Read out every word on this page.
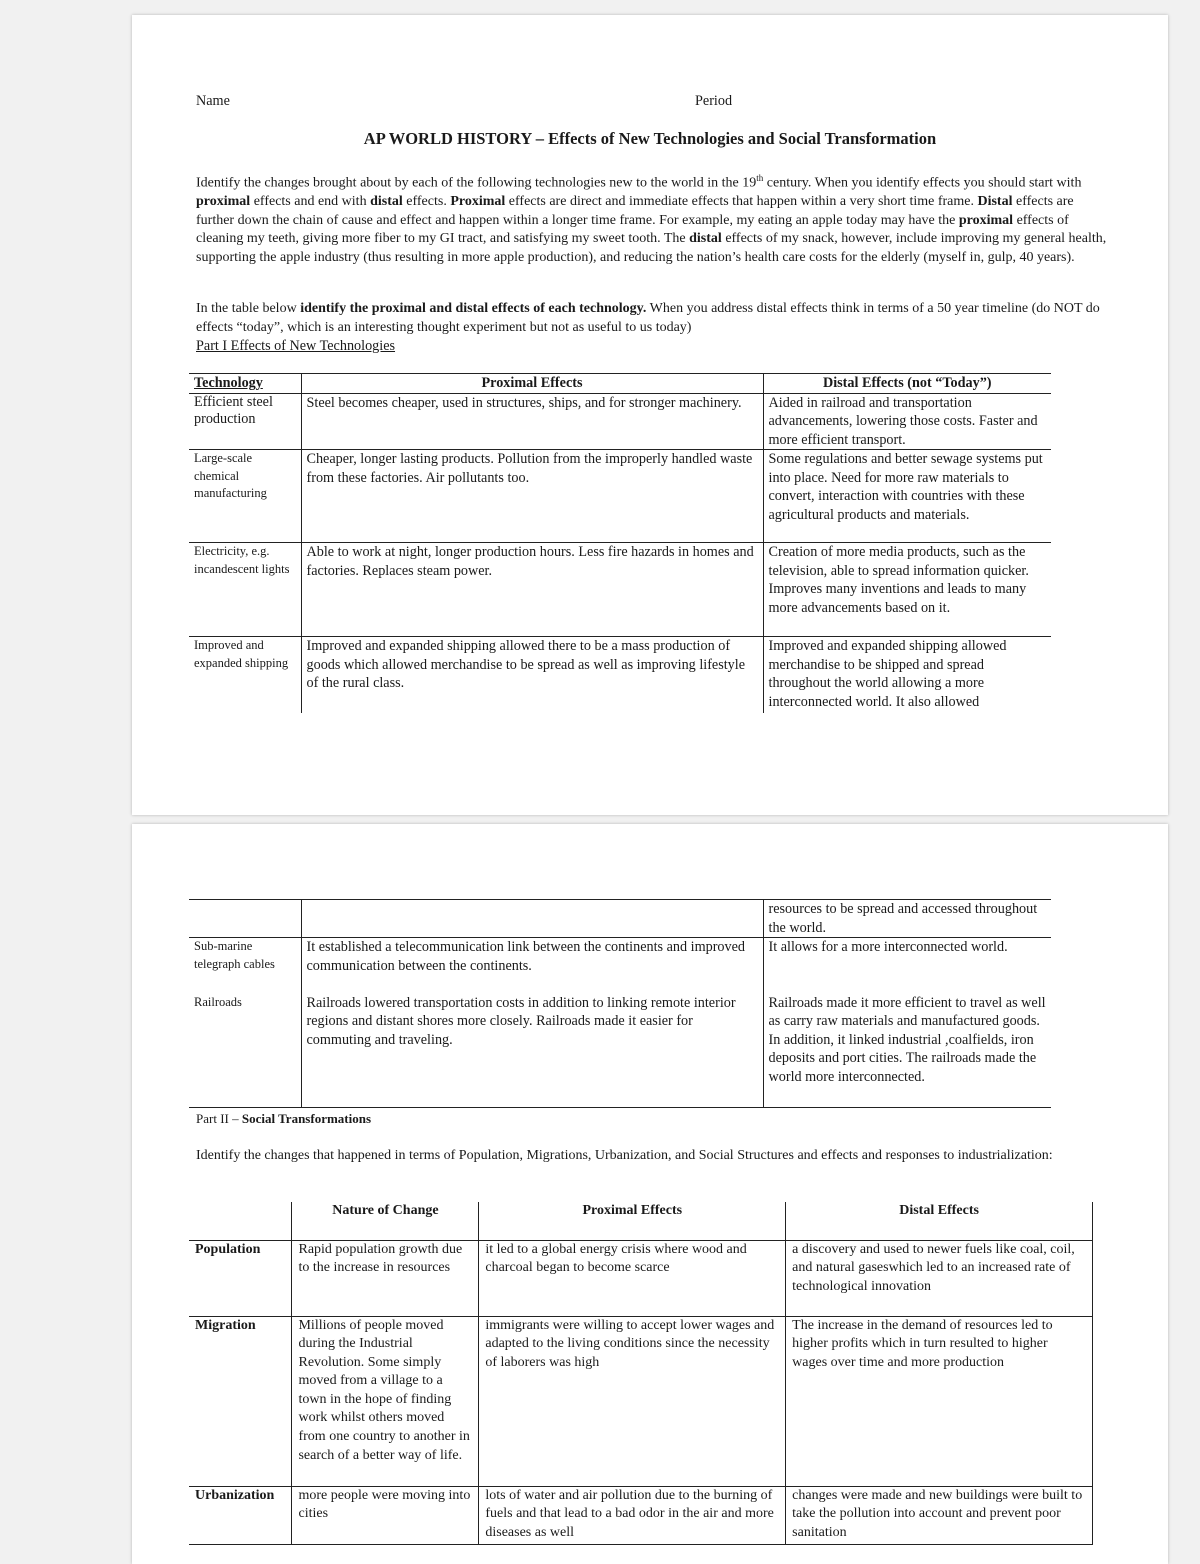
Name	Period
AP WORLD HISTORY – Effects of New Technologies and Social Transformation
Identify the changes brought about by each of the following technologies new to the world in the 19th century. When you identify effects you should start with proximal effects and end with distal effects. Proximal effects are direct and immediate effects that happen within a very short time frame. Distal effects are further down the chain of cause and effect and happen within a longer time frame. For example, my eating an apple today may have the proximal effects of cleaning my teeth, giving more fiber to my GI tract, and satisfying my sweet tooth. The distal effects of my snack, however, include improving my general health, supporting the apple industry (thus resulting in more apple production), and reducing the nation’s health care costs for the elderly (myself in, gulp, 40 years).
In the table below identify the proximal and distal effects of each technology. When you address distal effects think in terms of a 50 year timeline (do NOT do effects “today”, which is an interesting thought experiment but not as useful to us today)
Part I Effects of New Technologies
Technology	Proximal Effects	Distal Effects (not “Today”)
Efficient steel production	Steel becomes cheaper, used in structures, ships, and for stronger machinery.	Aided in railroad and transportation advancements, lowering those costs. Faster and more efficient transport.
Large-scale chemical manufacturing	Cheaper, longer lasting products. Pollution from the improperly handled waste from these factories. Air pollutants too.	Some regulations and better sewage systems put into place. Need for more raw materials to convert, interaction with countries with these agricultural products and materials.
Electricity, e.g. incandescent lights	Able to work at night, longer production hours. Less fire hazards in homes and factories. Replaces steam power.	Creation of more media products, such as the television, able to spread information quicker. Improves many inventions and leads to many more advancements based on it.
Improved and expanded shipping	Improved and expanded shipping allowed there to be a mass production of goods which allowed merchandise to be spread as well as improving lifestyle of the rural class.	Improved and expanded shipping allowed merchandise to be shipped and spread throughout the world allowing a more interconnected world. It also allowed
		resources to be spread and accessed throughout the world.
Sub-marine telegraph cables	It established a telecommunication link between the continents and improved communication between the continents.	It allows for a more interconnected world.
Railroads	Railroads lowered transportation costs in addition to linking remote interior regions and distant shores more closely. Railroads made it easier for commuting and traveling.	Railroads made it more efficient to travel as well as carry raw materials and manufactured goods. In addition, it linked industrial ,coalfields, iron deposits and port cities. The railroads made the world more interconnected.
Part II – Social Transformations
Identify the changes that happened in terms of Population, Migrations, Urbanization, and Social Structures and effects and responses to industrialization:
	Nature of Change	Proximal Effects	Distal Effects
Population	Rapid population growth due to the increase in resources	it led to a global energy crisis where wood and charcoal began to become scarce	a discovery and used to newer fuels like coal, coil, and natural gaseswhich led to an increased rate of technological innovation
Migration	Millions of people moved during the Industrial Revolution. Some simply moved from a village to a town in the hope of finding work whilst others moved from one country to another in search of a better way of life.	immigrants were willing to accept lower wages and adapted to the living conditions since the necessity of laborers was high	The increase in the demand of resources led to higher profits which in turn resulted to higher wages over time and more production
Urbanization	more people were moving into cities	lots of water and air pollution due to the burning of fuels and that lead to a bad odor in the air and more diseases as well	changes were made and new buildings were built to take the pollution into account and prevent poor sanitation
